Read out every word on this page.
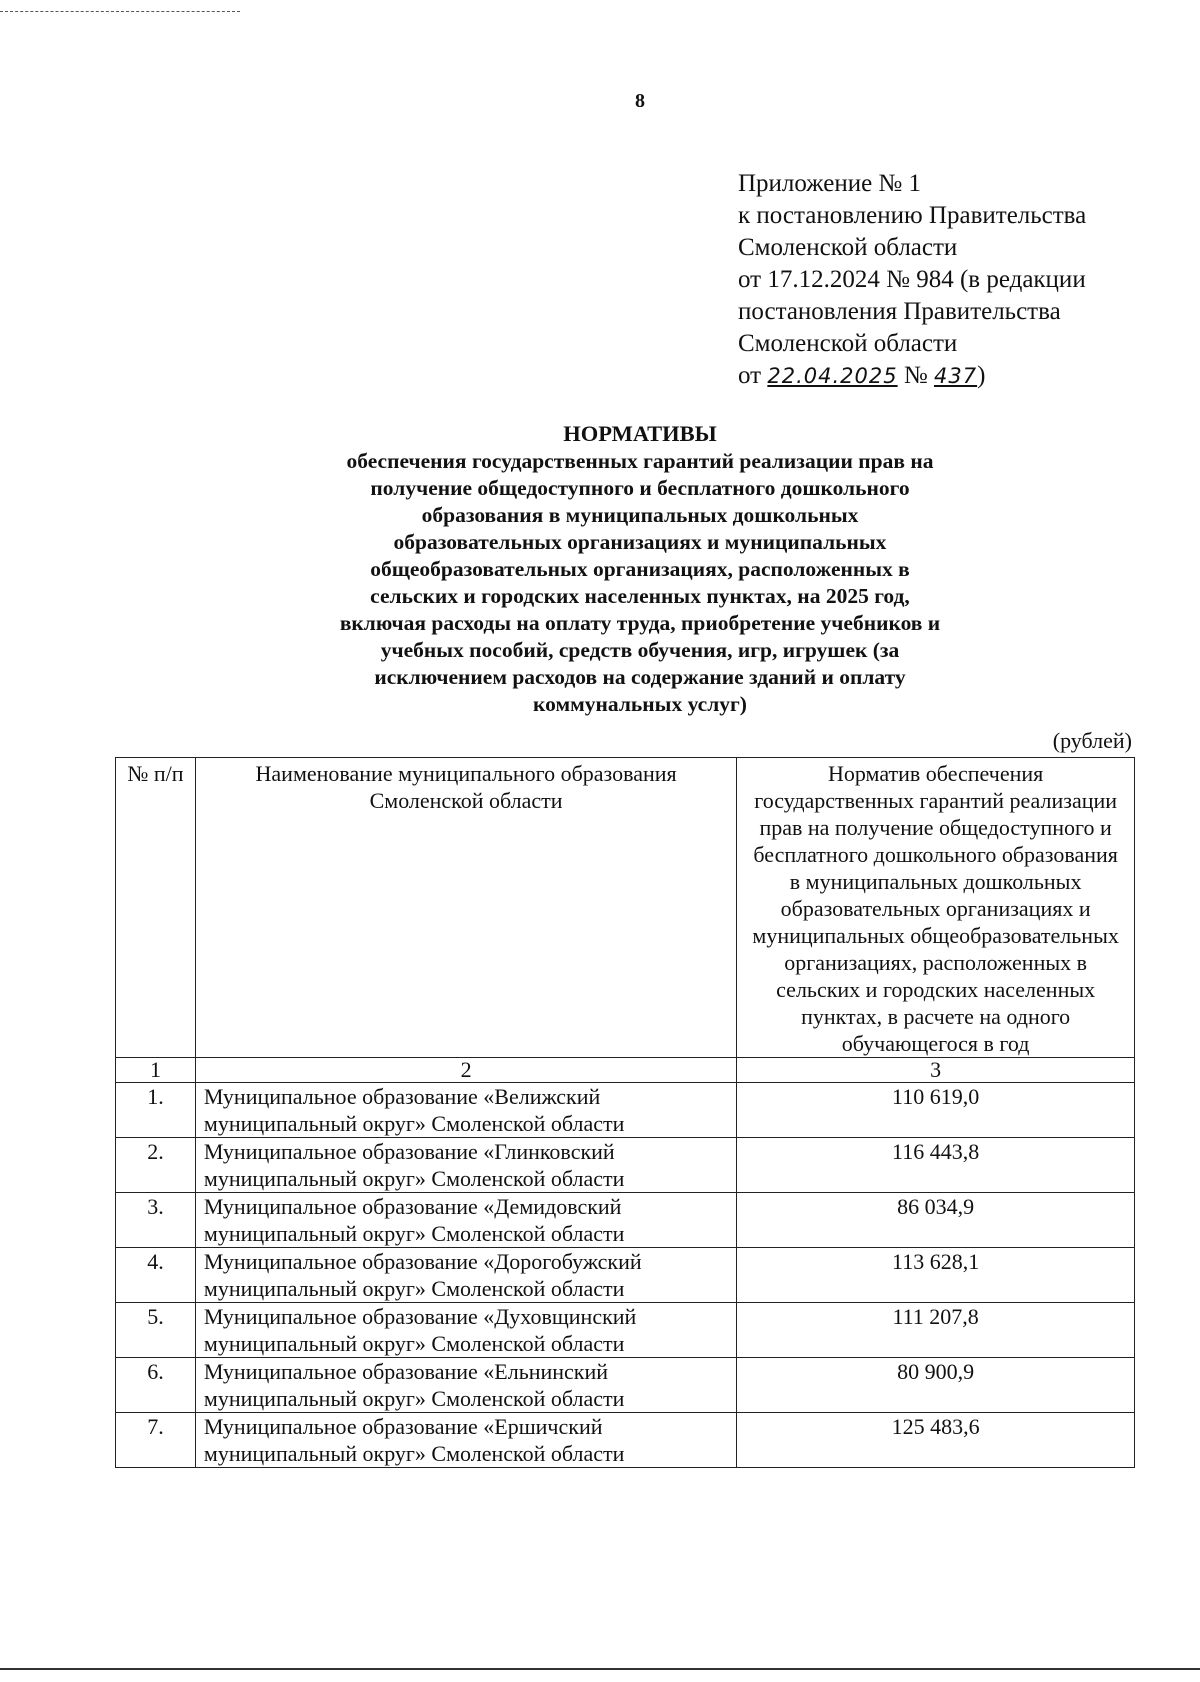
8
Приложение № 1
к постановлению Правительства
Смоленской области
от 17.12.2024 № 984 (в редакции
постановления Правительства
Смоленской области
от 22.04.2025 № 437)
НОРМАТИВЫ
обеспечения государственных гарантий реализации прав на
получение общедоступного и бесплатного дошкольного
образования в муниципальных дошкольных
образовательных организациях и муниципальных
общеобразовательных организациях, расположенных в
сельских и городских населенных пунктах, на 2025 год,
включая расходы на оплату труда, приобретение учебников и
учебных пособий, средств обучения, игр, игрушек (за
исключением расходов на содержание зданий и оплату
коммунальных услуг)
(рублей)
№ п/п	Наименование муниципального образования Смоленской области	Норматив обеспечения государственных гарантий реализации прав на получение общедоступного и бесплатного дошкольного образования в муниципальных дошкольных образовательных организациях и муниципальных общеобразовательных организациях, расположенных в сельских и городских населенных пунктах, в расчете на одного обучающегося в год
1	2	3
1.	Муниципальное образование «Велижский муниципальный округ» Смоленской области	110 619,0
2.	Муниципальное образование «Глинковский муниципальный округ» Смоленской области	116 443,8
3.	Муниципальное образование «Демидовский муниципальный округ» Смоленской области	86 034,9
4.	Муниципальное образование «Дорогобужский муниципальный округ» Смоленской области	113 628,1
5.	Муниципальное образование «Духовщинский муниципальный округ» Смоленской области	111 207,8
6.	Муниципальное образование «Ельнинский муниципальный округ» Смоленской области	80 900,9
7.	Муниципальное образование «Ершичский муниципальный округ» Смоленской области	125 483,6
